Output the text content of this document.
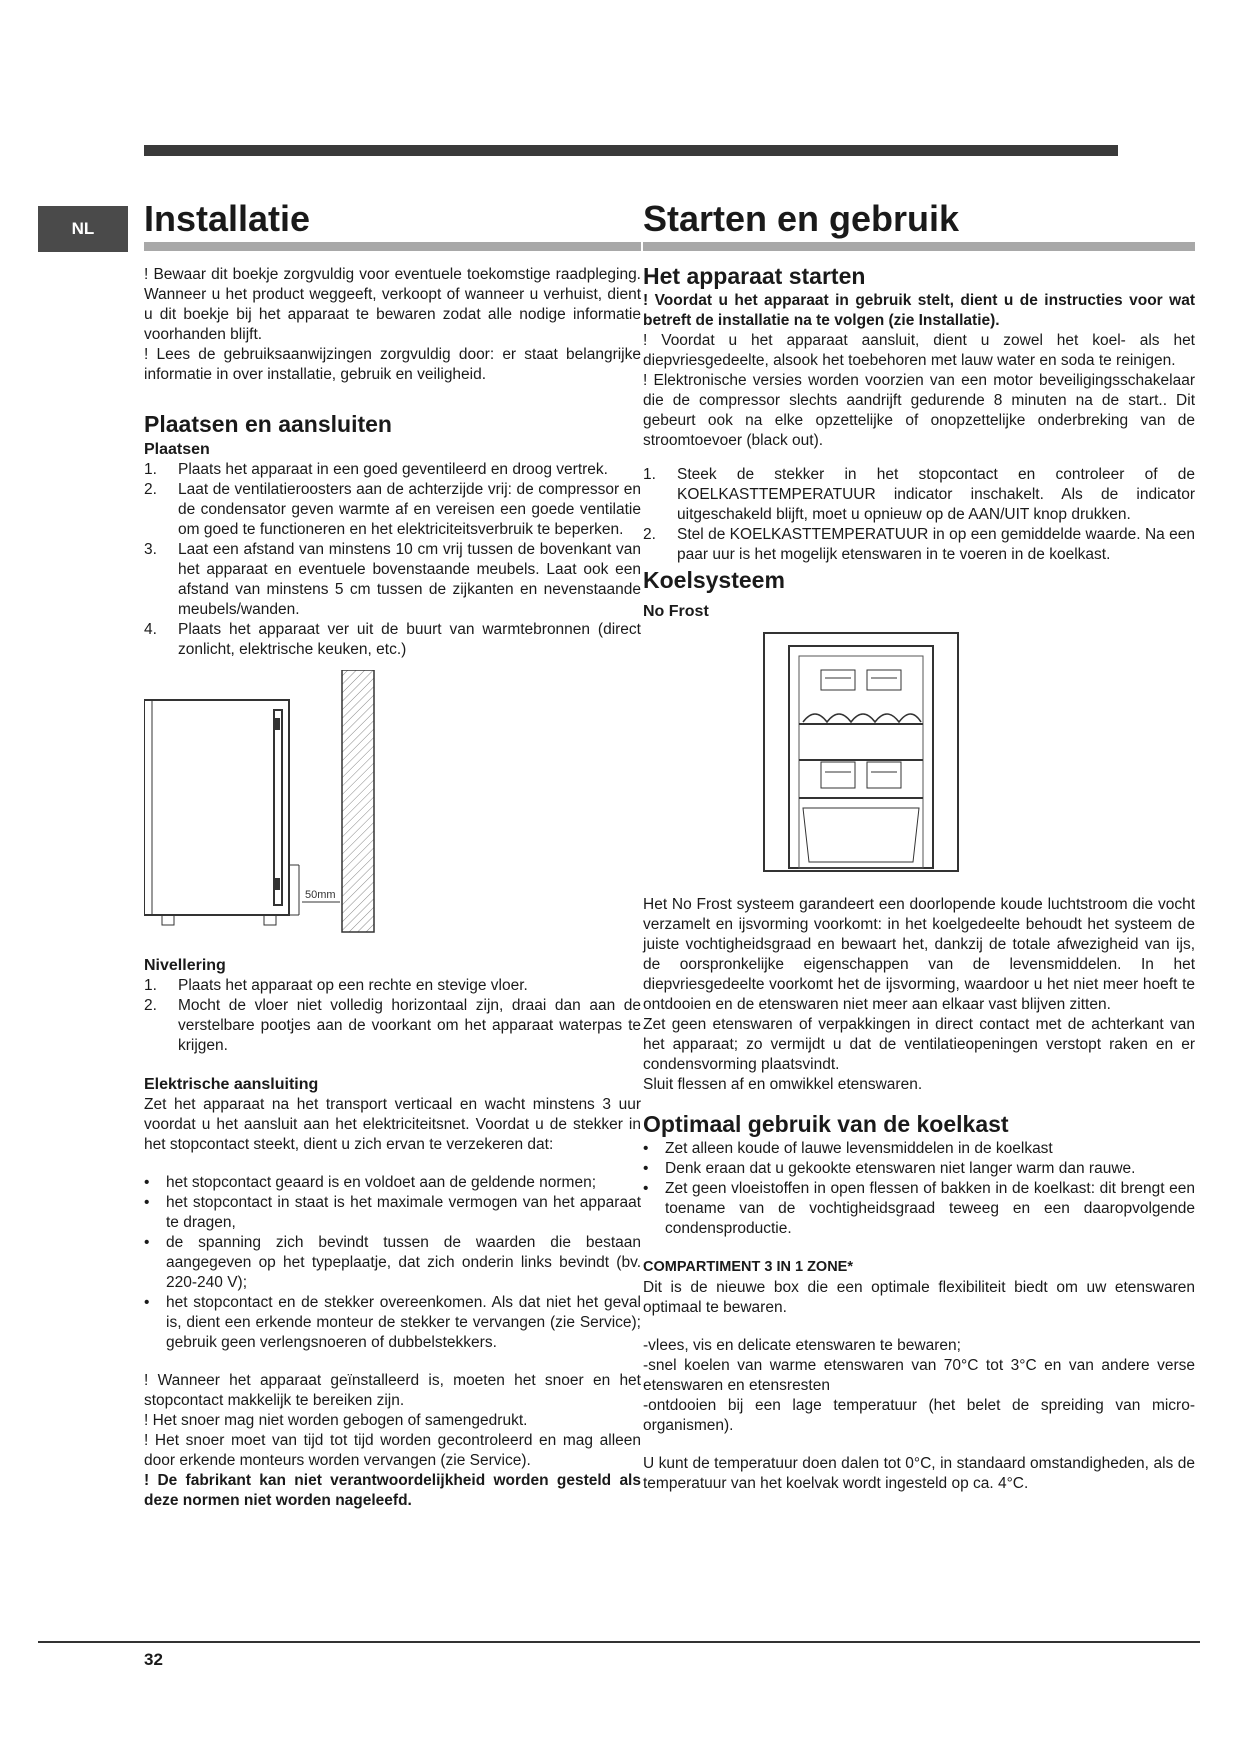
NL	Installatie

! Bewaar dit boekje zorgvuldig voor eventuele toekomstige raadpleging. Wanneer u het product weggeeft, verkoopt of wanneer u verhuist, dient u dit boekje bij het apparaat te bewaren zodat alle nodige informatie voorhanden blijft.

! Lees de gebruiksaanwijzingen zorgvuldig door: er staat belangrijke informatie in over installatie, gebruik en veiligheid.

Plaatsen en aansluiten
Plaatsen
1. Plaats het apparaat in een goed geventileerd en droog vertrek.
2. Laat de ventilatieroosters aan de achterzijde vrij: de compressor en de condensator geven warmte af en vereisen een goede ventilatie om goed te functioneren en het elektriciteitsverbruik te beperken.
3. Laat een afstand van minstens 10 cm vrij tussen de bovenkant van het apparaat en eventuele bovenstaande meubels. Laat ook een afstand van minstens 5 cm tussen de zijkanten en nevenstaande meubels/wanden.
4. Plaats het apparaat ver uit de buurt van warmtebronnen (direct zonlicht, elektrische keuken, etc.)
50mm
Nivellering
1. Plaats het apparaat op een rechte en stevige vloer.
2. Mocht de vloer niet volledig horizontaal zijn, draai dan aan de verstelbare pootjes aan de voorkant om het apparaat waterpas te krijgen.
Elektrische aansluiting

Zet het apparaat na het transport verticaal en wacht minstens 3 uur voordat u het aansluit aan het elektriciteitsnet. Voordat u de stekker in het stopcontact steekt, dient u zich ervan te verzekeren dat:

• het stopcontact geaard is en voldoet aan de geldende normen;
• het stopcontact in staat is het maximale vermogen van het apparaat te dragen,
• de spanning zich bevindt tussen de waarden die bestaan aangegeven op het typeplaatje, dat zich onderin links bevindt (bv. 220-240 V);
• het stopcontact en de stekker overeenkomen. Als dat niet het geval is, dient een erkende monteur de stekker te vervangen (zie Service); gebruik geen verlengsnoeren of dubbelstekkers.

! Wanneer het apparaat geïnstalleerd is, moeten het snoer en het stopcontact makkelijk te bereiken zijn.

! Het snoer mag niet worden gebogen of samengedrukt.

! Het snoer moet van tijd tot tijd worden gecontroleerd en mag alleen door erkende monteurs worden vervangen (zie Service).

! De fabrikant kan niet verantwoordelijkheid worden gesteld als deze normen niet worden nageleefd.

Starten en gebruik
Het apparaat starten

! Voordat u het apparaat in gebruik stelt, dient u de instructies voor wat betreft de installatie na te volgen (zie Installatie).

! Voordat u het apparaat aansluit, dient u zowel het koel- als het diepvriesgedeelte, alsook het toebehoren met lauw water en soda te reinigen.

! Elektronische versies worden voorzien van een motor beveiligingsschakelaar die de compressor slechts aandrijft gedurende 8 minuten na de start.. Dit gebeurt ook na elke opzettelijke of onopzettelijke onderbreking van de stroomtoevoer (black out).

1. Steek de stekker in het stopcontact en controleer of de KOELKASTTEMPERATUUR indicator inschakelt. Als de indicator uitgeschakeld blijft, moet u opnieuw op de AAN/UIT knop drukken.
2. Stel de KOELKASTTEMPERATUUR in op een gemiddelde waarde. Na een paar uur is het mogelijk etenswaren in te voeren in de koelkast.
Koelsysteem
No Frost

Het No Frost systeem garandeert een doorlopende koude luchtstroom die vocht verzamelt en ijsvorming voorkomt: in het koelgedeelte behoudt het systeem de juiste vochtigheidsgraad en bewaart het, dankzij de totale afwezigheid van ijs, de oorspronkelijke eigenschappen van de levensmiddelen. In het diepvriesgedeelte voorkomt het de ijsvorming, waardoor u het niet meer hoeft te ontdooien en de etenswaren niet meer aan elkaar vast blijven zitten.

Zet geen etenswaren of verpakkingen in direct contact met de achterkant van het apparaat; zo vermijdt u dat de ventilatieopeningen verstopt raken en er condensvorming plaatsvindt.

Sluit flessen af en omwikkel etenswaren.

Optimaal gebruik van de koelkast
• Zet alleen koude of lauwe levensmiddelen in de koelkast
• Denk eraan dat u gekookte etenswaren niet langer warm dan rauwe.
• Zet geen vloeistoffen in open flessen of bakken in de koelkast: dit brengt een toename van de vochtigheidsgraad teweeg en een daaropvolgende condensproductie.
COMPARTIMENT 3 IN 1 ZONE*

Dit is de nieuwe box die een optimale flexibiliteit biedt om uw etenswaren optimaal te bewaren.

-vlees, vis en delicate etenswaren te bewaren;

-snel koelen van warme etenswaren van 70°C tot 3°C en van andere verse etenswaren en etensresten

-ontdooien bij een lage temperatuur (het belet de spreiding van micro-organismen).

U kunt de temperatuur doen dalen tot 0°C, in standaard omstandigheden, als de temperatuur van het koelvak wordt ingesteld op ca. 4°C.

32
